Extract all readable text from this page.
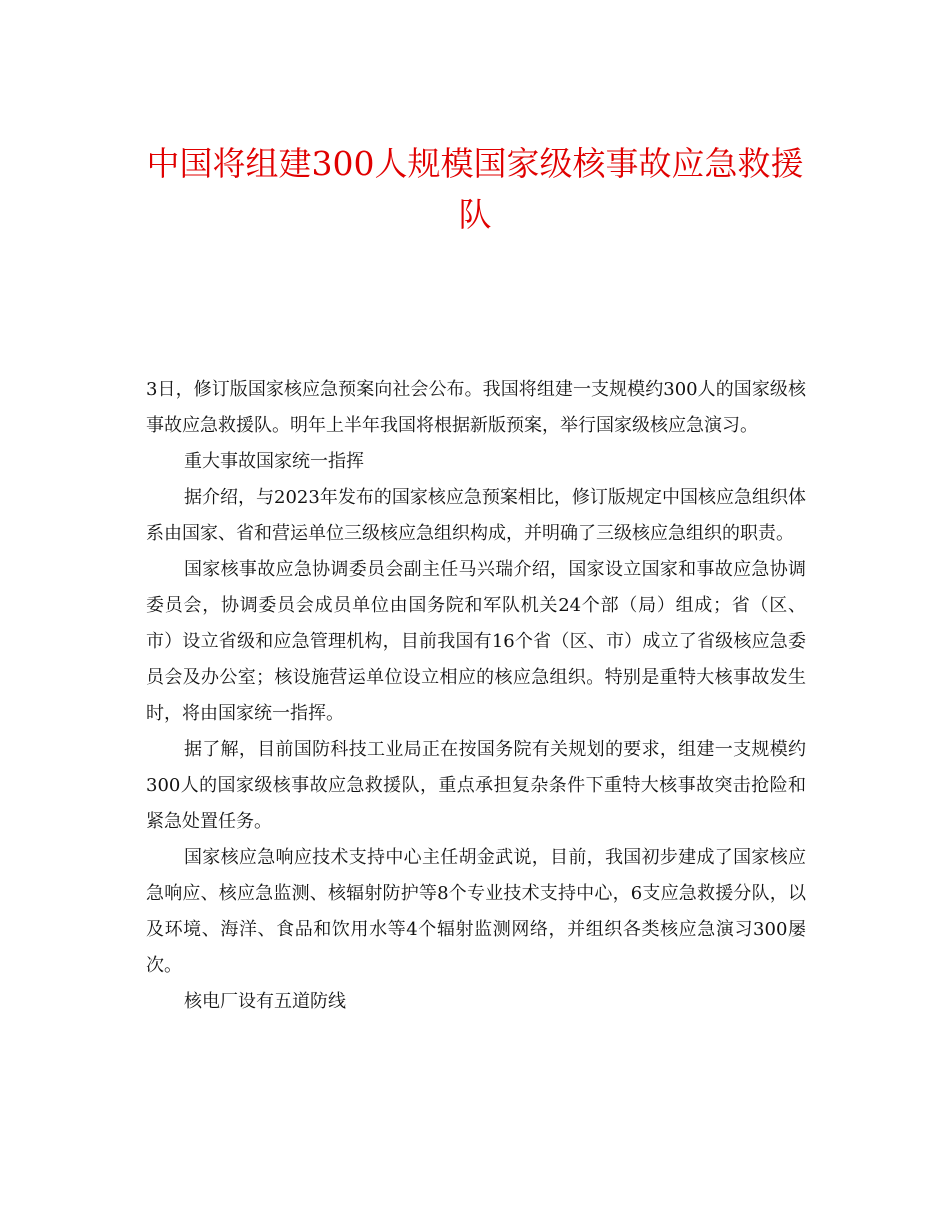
中国将组建300人规模国家级核事故应急救援队

3日，修订版国家核应急预案向社会公布。我国将组建一支规模约300人的国家级核事故应急救援队。明年上半年我国将根据新版预案，举行国家级核应急演习。

重大事故国家统一指挥

据介绍，与2023年发布的国家核应急预案相比，修订版规定中国核应急组织体系由国家、省和营运单位三级核应急组织构成，并明确了三级核应急组织的职责。

国家核事故应急协调委员会副主任马兴瑞介绍，国家设立国家和事故应急协调委员会，协调委员会成员单位由国务院和军队机关24个部（局）组成；省（区、市）设立省级和应急管理机构，目前我国有16个省（区、市）成立了省级核应急委员会及办公室；核设施营运单位设立相应的核应急组织。特别是重特大核事故发生时，将由国家统一指挥。

据了解，目前国防科技工业局正在按国务院有关规划的要求，组建一支规模约300人的国家级核事故应急救援队，重点承担复杂条件下重特大核事故突击抢险和紧急处置任务。

国家核应急响应技术支持中心主任胡金武说，目前，我国初步建成了国家核应急响应、核应急监测、核辐射防护等8个专业技术支持中心，6支应急救援分队，以及环境、海洋、食品和饮用水等4个辐射监测网络，并组织各类核应急演习300屡次。

核电厂设有五道防线
